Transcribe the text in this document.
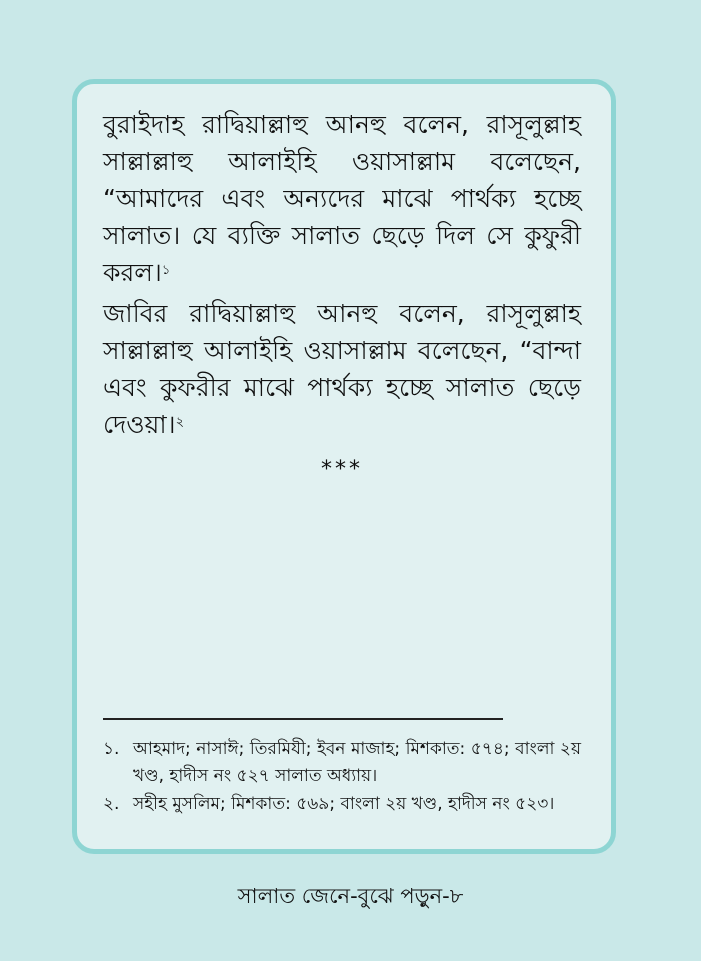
বুরাইদাহ রাদ্বিয়াল্লাহু আনহু বলেন, রাসূলুল্লাহ সাল্লাল্লাহু আলাইহি ওয়াসাল্লাম বলেছেন, “আমাদের এবং অন্যদের মাঝে পার্থক্য হচ্ছে সালাত। যে ব্যক্তি সালাত ছেড়ে দিল সে কুফুরী করল।$^১$

জাবির রাদ্বিয়াল্লাহু আনহু বলেন, রাসূলুল্লাহ সাল্লাল্লাহু আলাইহি ওয়াসাল্লাম বলেছেন, “বান্দা এবং কুফরীর মাঝে পার্থক্য হচ্ছে সালাত ছেড়ে দেওয়া।$^২$

***
১. আহমাদ; নাসাঈ; তিরমিযী; ইবন মাজাহ; মিশকাত: ৫৭৪; বাংলা ২য় খণ্ড, হাদীস নং ৫২৭ সালাত অধ্যায়।
২. সহীহ মুসলিম; মিশকাত: ৫৬৯; বাংলা ২য় খণ্ড, হাদীস নং ৫২৩।
সালাত জেনে-বুঝে পড়ুন-৮
